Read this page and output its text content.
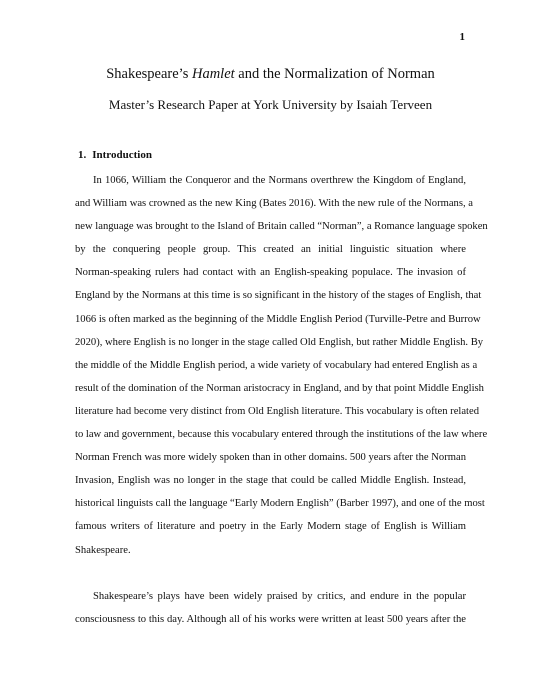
1
Shakespeare’s Hamlet and the Normalization of Norman
Master’s Research Paper at York University by Isaiah Terveen
1. Introduction
In 1066, William the Conqueror and the Normans overthrew the Kingdom of England,
and William was crowned as the new King (Bates 2016). With the new rule of the Normans, a
new language was brought to the Island of Britain called “Norman”, a Romance language spoken
by the conquering people group. This created an initial linguistic situation where
Norman-speaking rulers had contact with an English-speaking populace. The invasion of
England by the Normans at this time is so significant in the history of the stages of English, that
1066 is often marked as the beginning of the Middle English Period (Turville-Petre and Burrow
2020), where English is no longer in the stage called Old English, but rather Middle English. By
the middle of the Middle English period, a wide variety of vocabulary had entered English as a
result of the domination of the Norman aristocracy in England, and by that point Middle English
literature had become very distinct from Old English literature. This vocabulary is often related
to law and government, because this vocabulary entered through the institutions of the law where
Norman French was more widely spoken than in other domains. 500 years after the Norman
Invasion, English was no longer in the stage that could be called Middle English. Instead,
historical linguists call the language “Early Modern English” (Barber 1997), and one of the most
famous writers of literature and poetry in the Early Modern stage of English is William
Shakespeare.
Shakespeare’s plays have been widely praised by critics, and endure in the popular
consciousness to this day. Although all of his works were written at least 500 years after the
